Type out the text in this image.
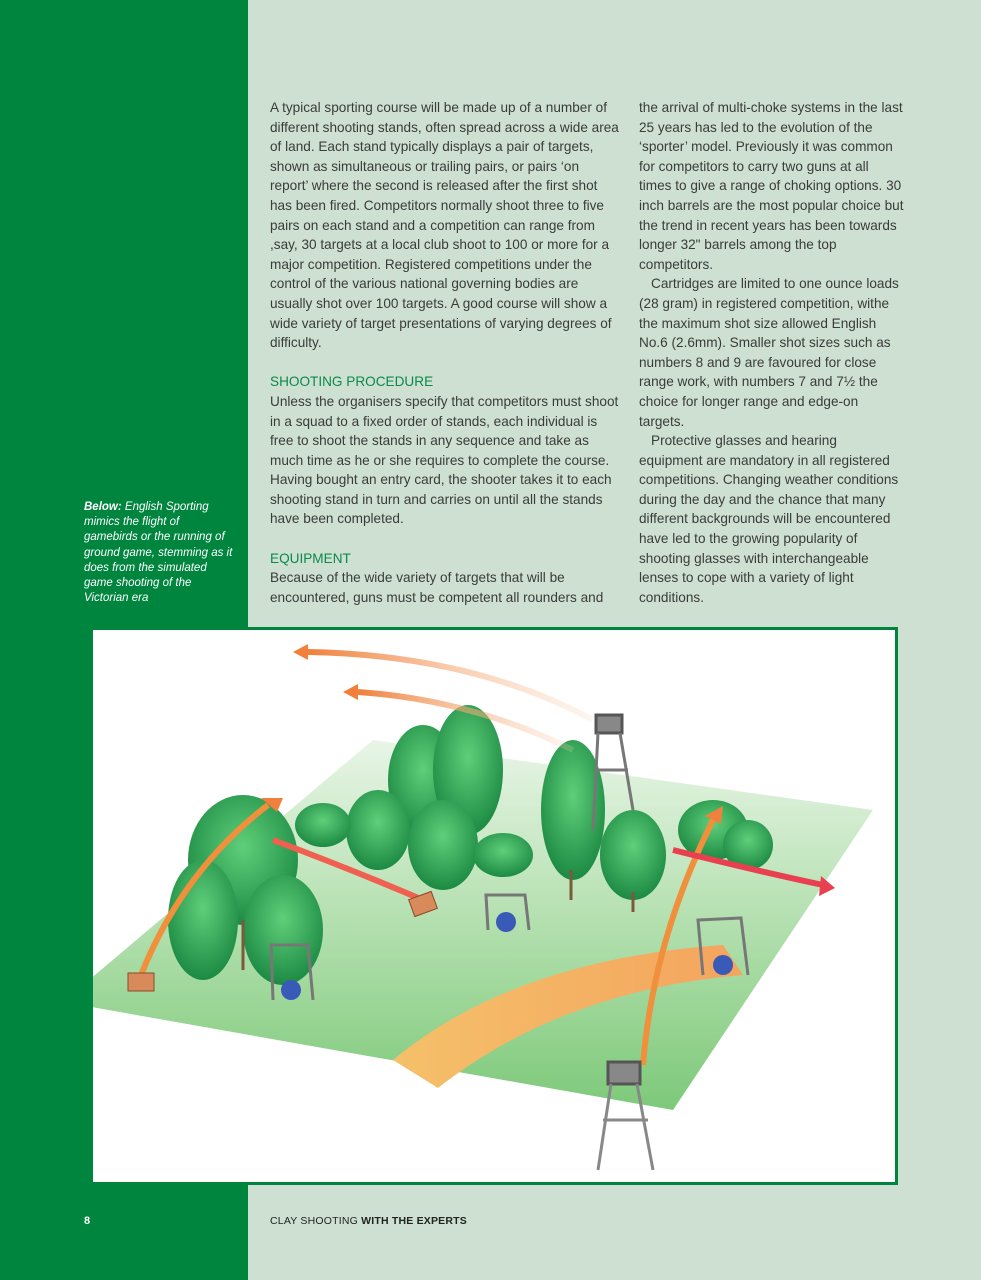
Below: English Sporting mimics the flight of gamebirds or the running of ground game, stemming as it does from the simulated game shooting of the Victorian era

A typical sporting course will be made up of a number of different shooting stands, often spread across a wide area of land. Each stand typically displays a pair of targets, shown as simultaneous or trailing pairs, or pairs ‘on report’ where the second is released after the first shot has been fired. Competitors normally shoot three to five pairs on each stand and a competition can range from ,say, 30 targets at a local club shoot to 100 or more for a major competition. Registered competitions under the control of the various national governing bodies are usually shot over 100 targets. A good course will show a wide variety of target presentations of varying degrees of difficulty.

SHOOTING PROCEDURE

Unless the organisers specify that competitors must shoot in a squad to a fixed order of stands, each individual is free to shoot the stands in any sequence and take as much time as he or she requires to complete the course. Having bought an entry card, the shooter takes it to each shooting stand in turn and carries on until all the stands have been completed.

EQUIPMENT

Because of the wide variety of targets that will be encountered, guns must be competent all rounders and

the arrival of multi-choke systems in the last 25 years has led to the evolution of the ‘sporter’ model. Previously it was common for competitors to carry two guns at all times to give a range of choking options. 30 inch barrels are the most popular choice but the trend in recent years has been towards longer 32" barrels among the top competitors.

Cartridges are limited to one ounce loads (28 gram) in registered competition, withe the maximum shot size allowed English No.6 (2.6mm). Smaller shot sizes such as numbers 8 and 9 are favoured for close range work, with numbers 7 and 7½ the choice for longer range and edge-on targets.

Protective glasses and hearing equipment are mandatory in all registered competitions. Changing weather conditions during the day and the chance that many different backgrounds will be encountered have led to the growing popularity of shooting glasses with interchangeable lenses to cope with a variety of light conditions.

8	CLAY SHOOTING WITH THE EXPERTS
